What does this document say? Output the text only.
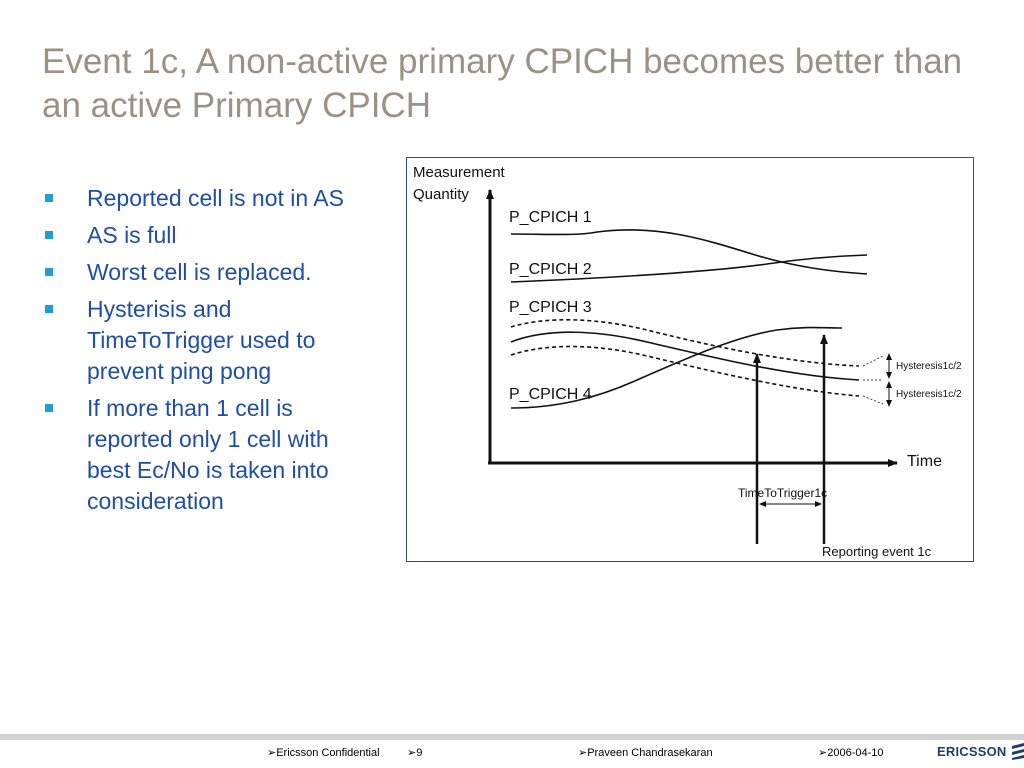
Event 1c, A non-active primary CPICH becomes better than an active Primary CPICH
Reported cell is not in AS
AS is full
Worst cell is replaced.
Hysterisis and TimeToTrigger used to prevent ping pong
If more than 1 cell is reported only 1 cell with best Ec/No is taken into consideration
Measurement
Quantity
Time
P_CPICH 1
P_CPICH 2
P_CPICH 3
P_CPICH 4
Hysteresis1c/2
Hysteresis1c/2
TimeToTrigger1c
Reporting event 1c
➢Ericsson Confidential ➢9	➢Praveen Chandrasekaran	➢2006-04-10	ERICSSON
